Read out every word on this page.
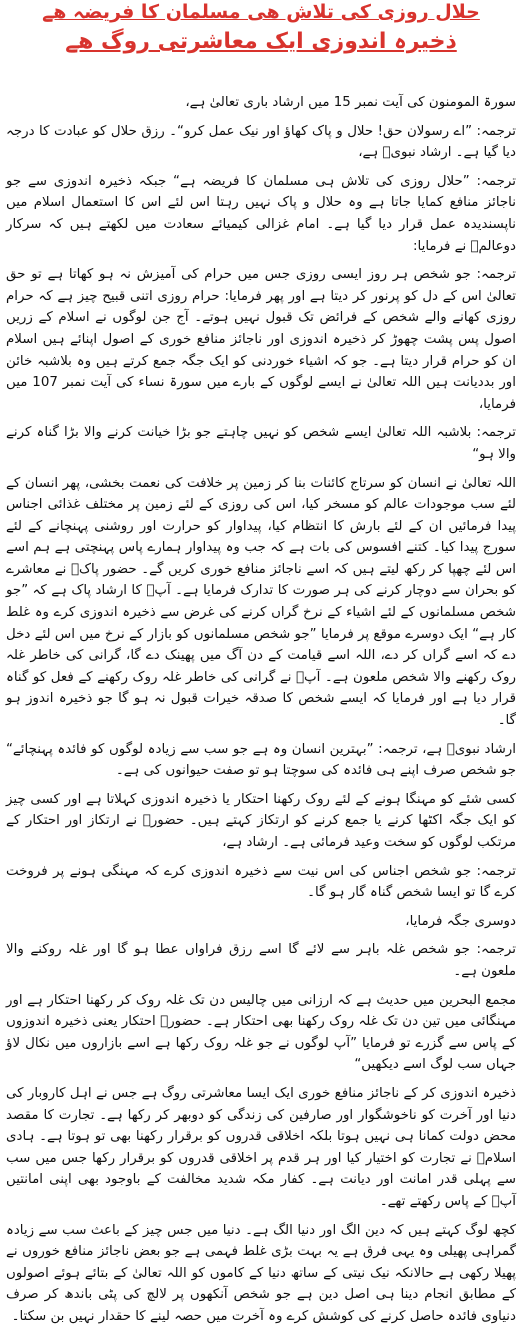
حلال روزی کی تلاش ھی مسلمان کا فریضہ ھے
ذخیرہ اندوزی ایک معاشرتی روگ ھے

سورۃ المومنون کی آیت نمبر 15 میں ارشاد باری تعالیٰ ہے،

ترجمہ: ”اے رسولان حق! حلال و پاک کھاؤ اور نیک عمل کرو“۔ رزق حلال کو عبادت کا درجہ دیا گیا ہے۔ ارشاد نبویؐ ہے،

ترجمہ: ”حلال روزی کی تلاش ہی مسلمان کا فریضہ ہے“ جبکہ ذخیرہ اندوزی سے جو ناجائز منافع کمایا جاتا ہے وہ حلال و پاک نہیں رہتا اس لئے اس کا استعمال اسلام میں ناپسندیدہ عمل قرار دیا گیا ہے۔ امام غزالی کیمیائے سعادت میں لکھتے ہیں کہ سرکار دوعالمؐ نے فرمایا:

ترجمہ: جو شخص ہر روز ایسی روزی جس میں حرام کی آمیزش نہ ہو کھاتا ہے تو حق تعالیٰ اس کے دل کو پرنور کر دیتا ہے اور پھر فرمایا: حرام روزی اتنی قبیح چیز ہے کہ حرام روزی کھانے والے شخص کے فرائض تک قبول نہیں ہوتے۔ آج جن لوگوں نے اسلام کے زریں اصول پس پشت چھوڑ کر ذخیرہ اندوزی اور ناجائز منافع خوری کے اصول اپنائے ہیں اسلام ان کو حرام قرار دیتا ہے۔ جو کہ اشیاء خوردنی کو ایک جگہ جمع کرتے ہیں وہ بلاشبہ خائن اور بددیانت ہیں اللہ تعالیٰ نے ایسے لوگوں کے بارے میں سورۃ نساء کی آیت نمبر 107 میں فرمایا،

ترجمہ: بلاشبہ اللہ تعالیٰ ایسے شخص کو نہیں چاہتے جو بڑا خیانت کرنے والا بڑا گناہ کرنے والا ہو“

اللہ تعالیٰ نے انسان کو سرتاج کائنات بنا کر زمین پر خلافت کی نعمت بخشی، پھر انسان کے لئے سب موجودات عالم کو مسخر کیا، اس کی روزی کے لئے زمین پر مختلف غذائی اجناس پیدا فرمائیں ان کے لئے بارش کا انتظام کیا، پیداوار کو حرارت اور روشنی پہنچانے کے لئے سورج پیدا کیا۔ کتنے افسوس کی بات ہے کہ جب وہ پیداوار ہمارے پاس پہنچتی ہے ہم اسے اس لئے چھپا کر رکھ لیتے ہیں کہ اسے ناجائز منافع خوری کریں گے۔ حضور پاکؐ نے معاشرے کو بحران سے دوچار کرنے کی ہر صورت کا تدارک فرمایا ہے۔ آپؐ کا ارشاد پاک ہے کہ ”جو شخص مسلمانوں کے لئے اشیاء کے نرخ گراں کرنے کی غرض سے ذخیرہ اندوزی کرے وہ غلط کار ہے“ ایک دوسرے موقع پر فرمایا ”جو شخص مسلمانوں کو بازار کے نرخ میں اس لئے دخل دے کہ اسے گراں کر دے، اللہ اسے قیامت کے دن آگ میں پھینک دے گا، گرانی کی خاطر غلہ روک رکھنے والا شخص ملعون ہے۔ آپؐ نے گرانی کی خاطر غلہ روک رکھنے کے فعل کو گناہ قرار دیا ہے اور فرمایا کہ ایسے شخص کا صدقہ خیرات قبول نہ ہو گا جو ذخیرہ اندوز ہو گا۔

ارشاد نبویؐ ہے، ترجمہ: ”بہترین انسان وہ ہے جو سب سے زیادہ لوگوں کو فائدہ پہنچائے“ جو شخص صرف اپنے ہی فائدہ کی سوچتا ہو تو صفت حیوانوں کی ہے۔

کسی شئے کو مہنگا ہونے کے لئے روک رکھنا احتکار یا ذخیرہ اندوزی کہلاتا ہے اور کسی چیز کو ایک جگہ اکٹھا کرنے یا جمع کرنے کو ارتکاز کہتے ہیں۔ حضورؐ نے ارتکاز اور احتکار کے مرتکب لوگوں کو سخت وعید فرمائی ہے۔ ارشاد ہے،

ترجمہ: جو شخص اجناس کی اس نیت سے ذخیرہ اندوزی کرے کہ مہنگی ہونے پر فروخت کرے گا تو ایسا شخص گناہ گار ہو گا۔

دوسری جگہ فرمایا،

ترجمہ: جو شخص غلہ باہر سے لائے گا اسے رزق فراواں عطا ہو گا اور غلہ روکنے والا ملعون ہے۔

مجمع البحرین میں حدیث ہے کہ ارزانی میں چالیس دن تک غلہ روک کر رکھنا احتکار ہے اور مہنگائی میں تین دن تک غلہ روک رکھنا بھی احتکار ہے۔ حضورؐ احتکار یعنی ذخیرہ اندوزوں کے پاس سے گزرے تو فرمایا ”آپ لوگوں نے جو غلہ روک رکھا ہے اسے بازاروں میں نکال لاؤ جہاں سب لوگ اسے دیکھیں“

ذخیرہ اندوزی کر کے ناجائز منافع خوری ایک ایسا معاشرتی روگ ہے جس نے اہل کاروبار کی دنیا اور آخرت کو ناخوشگوار اور صارفین کی زندگی کو دوبھر کر رکھا ہے۔ تجارت کا مقصد محض دولت کمانا ہی نہیں ہوتا بلکہ اخلاقی قدروں کو برقرار رکھنا بھی تو ہوتا ہے۔ ہادی اسلامؐ نے تجارت کو اختیار کیا اور ہر قدم پر اخلاقی قدروں کو برقرار رکھا جس میں سب سے پہلی قدر امانت اور دیانت ہے۔ کفار مکہ شدید مخالفت کے باوجود بھی اپنی امانتیں آپؐ کے پاس رکھتے تھے۔

کچھ لوگ کہتے ہیں کہ دین الگ اور دنیا الگ ہے۔ دنیا میں جس چیز کے باعث سب سے زیادہ گمراہی پھیلی وہ یہی فرق ہے یہ بہت بڑی غلط فہمی ہے جو بعض ناجائز منافع خوروں نے پھیلا رکھی ہے حالانکہ نیک نیتی کے ساتھ دنیا کے کاموں کو اللہ تعالیٰ کے بتائے ہوئے اصولوں کے مطابق انجام دینا ہی اصل دین ہے جو شخص آنکھوں پر لالچ کی پٹی باندھ کر صرف دنیاوی فائدہ حاصل کرنے کی کوشش کرے وہ آخرت میں حصہ لینے کا حقدار نہیں بن سکتا۔
